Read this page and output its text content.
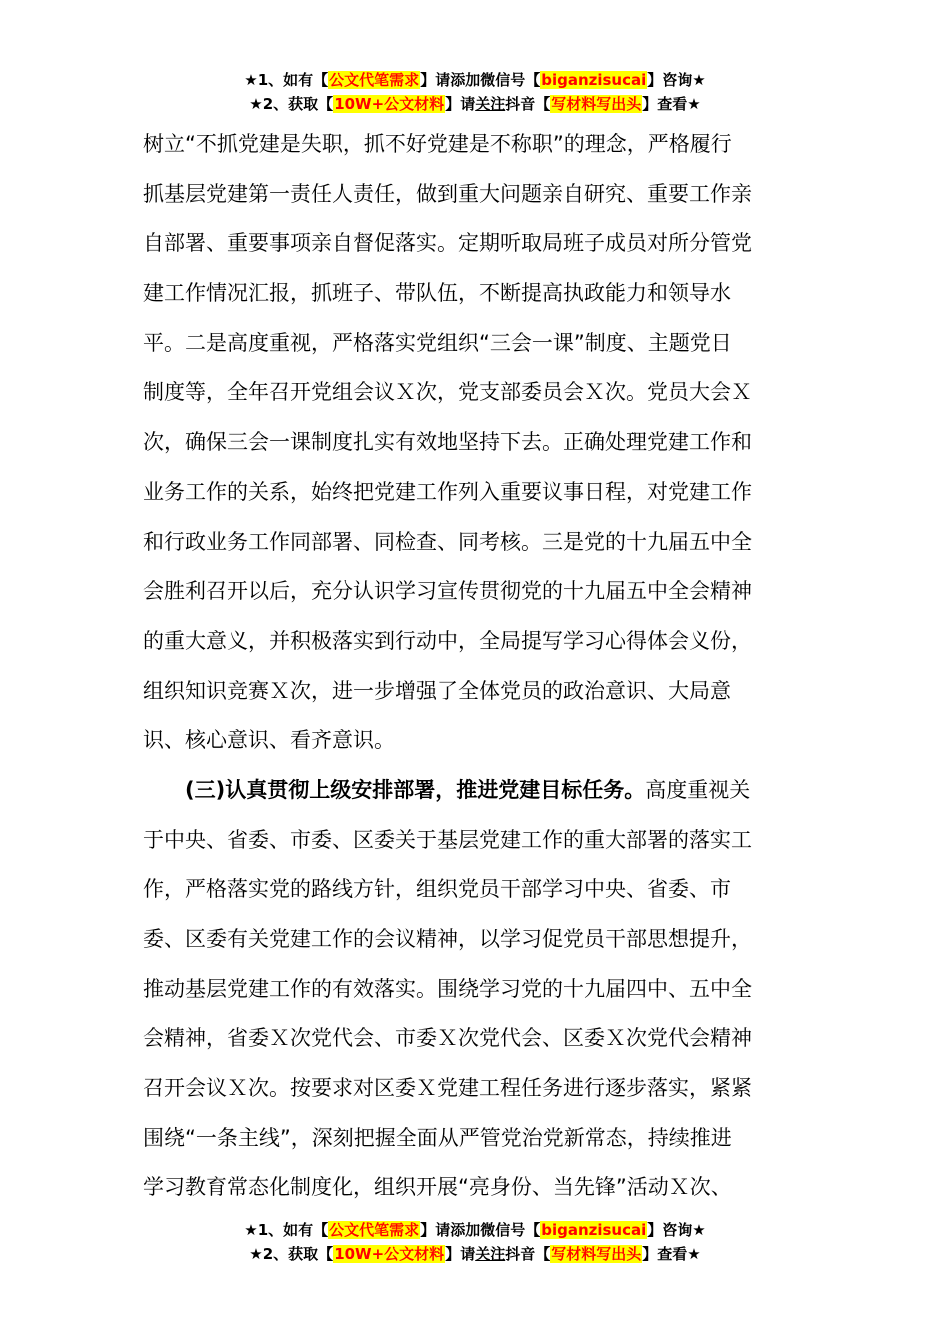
★1、如有【公文代笔需求】请添加微信号【biganzisucai】咨询★
★2、获取【10W+公文材料】请关注抖音【写材料写出头】查看★
树立“不抓党建是失职，抓不好党建是不称职”的理念，严格履行
抓基层党建第一责任人责任，做到重大问题亲自研究、重要工作亲
自部署、重要事项亲自督促落实。定期听取局班子成员对所分管党
建工作情况汇报，抓班子、带队伍，不断提高执政能力和领导水
平。二是高度重视，严格落实党组织“三会一课”制度、主题党日
制度等，全年召开党组会议Ｘ次，党支部委员会Ｘ次。党员大会Ｘ
次，确保三会一课制度扎实有效地坚持下去。正确处理党建工作和
业务工作的关系，始终把党建工作列入重要议事日程，对党建工作
和行政业务工作同部署、同检查、同考核。三是党的十九届五中全
会胜利召开以后，充分认识学习宣传贯彻党的十九届五中全会精神
的重大意义，并积极落实到行动中，全局提写学习心得体会义份，
组织知识竞赛Ｘ次，进一步增强了全体党员的政治意识、大局意
识、核心意识、看齐意识。
(三)认真贯彻上级安排部署，推进党建目标任务。高度重视关
于中央、省委、市委、区委关于基层党建工作的重大部署的落实工
作，严格落实党的路线方针，组织党员干部学习中央、省委、市
委、区委有关党建工作的会议精神，以学习促党员干部思想提升，
推动基层党建工作的有效落实。围绕学习党的十九届四中、五中全
会精神，省委Ｘ次党代会、市委Ｘ次党代会、区委Ｘ次党代会精神
召开会议Ｘ次。按要求对区委Ｘ党建工程任务进行逐步落实，紧紧
围绕“一条主线”，深刻把握全面从严管党治党新常态，持续推进
学习教育常态化制度化，组织开展“亮身份、当先锋”活动Ｘ次、
★1、如有【公文代笔需求】请添加微信号【biganzisucai】咨询★
★2、获取【10W+公文材料】请关注抖音【写材料写出头】查看★
